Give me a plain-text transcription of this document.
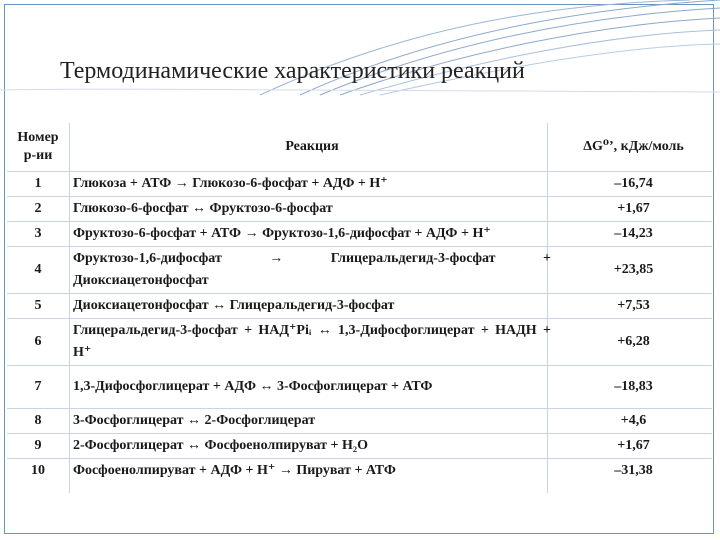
Термодинамические характеристики реакций
Номер
р-ии	Реакция	ΔG⁰’, кДж/моль
1	Глюкоза + АТФ → Глюкозо-6-фосфат + АДФ + Н⁺	–16,74
2	Глюкозо-6-фосфат ↔ Фруктозо-6-фосфат	+1,67
3	Фруктозо-6-фосфат + АТФ → Фруктозо-1,6-дифосфат + АДФ + Н⁺	–14,23
4	Фруктозо-1,6-дифосфат → Глицеральдегид-3-фосфат + Диоксиацетонфосфат	+23,85
5	Диоксиацетонфосфат ↔ Глицеральдегид-3-фосфат	+7,53
6	Глицеральдегид-3-фосфат + НАД⁺Piᵢ ↔ 1,3-Дифосфоглицерат + НАДН + Н⁺	+6,28
7	1,3-Дифосфоглицерат + АДФ ↔ 3-Фосфоглицерат + АТФ	–18,83
8	3-Фосфоглицерат ↔ 2-Фосфоглицерат	+4,6
9	2-Фосфоглицерат ↔ Фосфоенолпируват + Н₂О	+1,67
10	Фосфоенолпируват + АДФ + Н⁺ → Пируват + АТФ	–31,38
